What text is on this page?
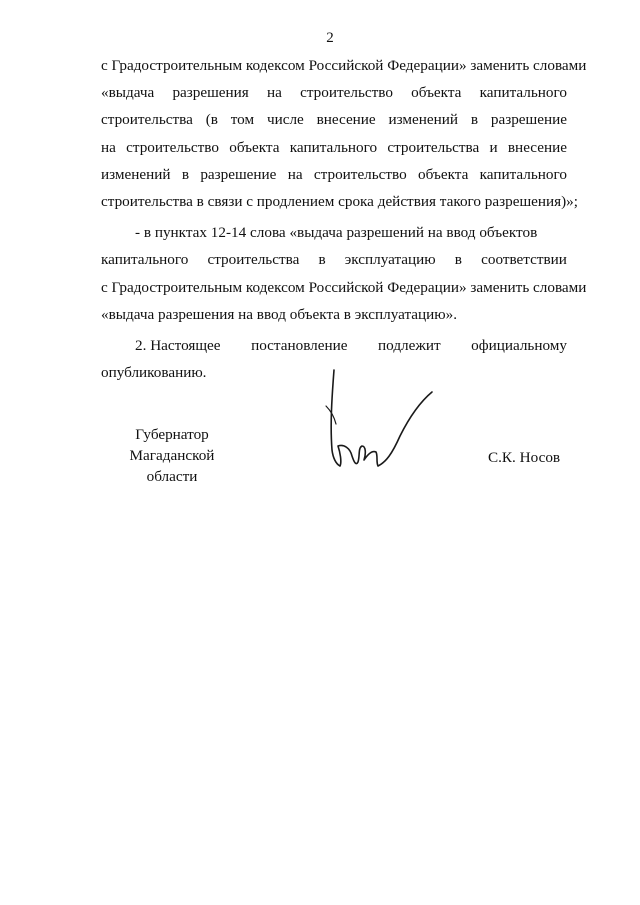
2
с Градостроительным кодексом Российской Федерации» заменить словами
«выдача разрешения на строительство объекта капитального
строительства (в том числе внесение изменений в разрешение
на строительство объекта капитального строительства и внесение
изменений в разрешение на строительство объекта капитального
строительства в связи с продлением срока действия такого разрешения)»;
- в пунктах 12-14 слова «выдача разрешений на ввод объектов
капитального строительства в эксплуатацию в соответствии
с Градостроительным кодексом Российской Федерации» заменить словами
«выдача разрешения на ввод объекта в эксплуатацию».
2. Настоящее постановление подлежит официальному
опубликованию.
Губернатор
Магаданской области
С.К. Носов
